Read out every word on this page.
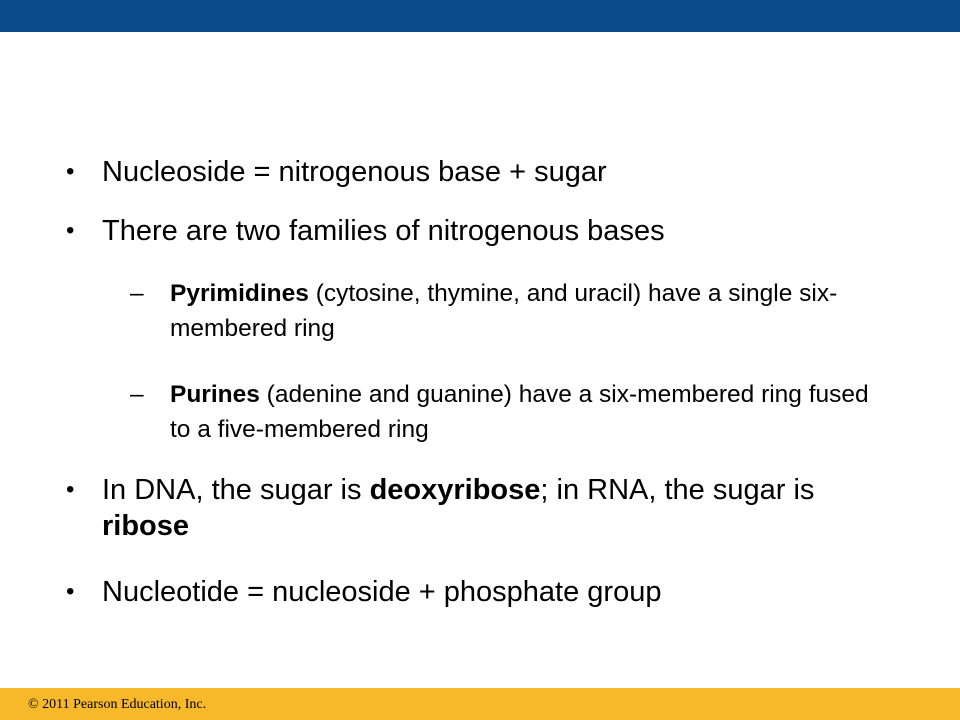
• Nucleoside = nitrogenous base + sugar
• There are two families of nitrogenous bases
– Pyrimidines (cytosine, thymine, and uracil) have a single six-membered ring
– Purines (adenine and guanine) have a six-membered ring fused to a five-membered ring
• In DNA, the sugar is deoxyribose; in RNA, the sugar is ribose
• Nucleotide = nucleoside + phosphate group
© 2011 Pearson Education, Inc.
